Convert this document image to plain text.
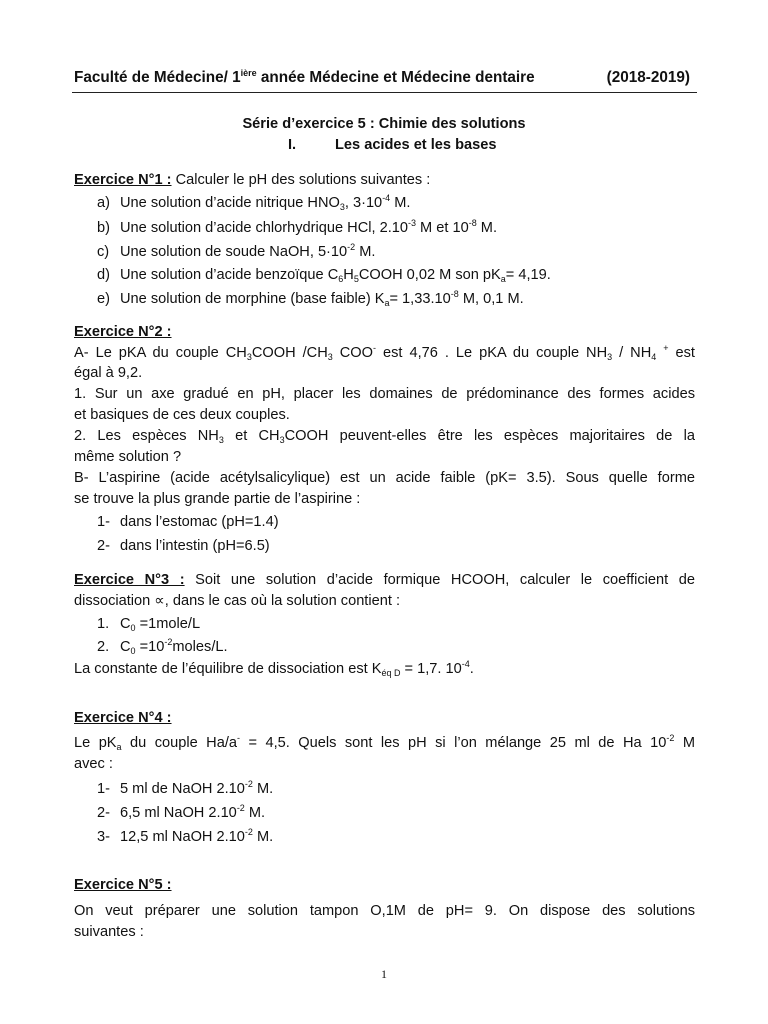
Faculté de Médecine/ $1^{ière}$ année Médecine et Médecine dentaire	(2018-2019)
Série d’exercice 5 : Chimie des solutions
I.	Les acides et les bases
Exercice N°1 : Calculer le pH des solutions suivantes :
a) Une solution d’acide nitrique $HNO_3$, $3\cdot 10^{-4}$ M.
b) Une solution d’acide chlorhydrique HCl, $2.10^{-3}$ M et $10^{-8}$ M.
c) Une solution de soude NaOH, $5\cdot 10^{-2}$ M.
d) Une solution d’acide benzoïque $C_6H_5COOH$ 0,02 M son $pK_a= 4,19$.
e) Une solution de morphine (base faible) $K_a= 1,33.10^{-8}$ M, 0,1 M.
Exercice N°2 :
A- Le pKA du couple $CH_3COOH$ $/CH_3$ COO- est 4,76 . Le pKA du couple $NH_3 / NH_4$ + est
égal à 9,2.
1. Sur un axe gradué en pH, placer les domaines de prédominance des formes acides
et basiques de ces deux couples.
2. Les espèces $NH_3$ et $CH_3COOH$ peuvent-elles être les espèces majoritaires de la
même solution ?
B- L’aspirine (acide acétylsalicylique) est un acide faible (pK= 3.5). Sous quelle forme
se trouve la plus grande partie de l’aspirine :
1- dans l’estomac (pH=1.4)
2- dans l’intestin (pH=6.5)
Exercice N°3 : Soit une solution d’acide formique HCOOH, calculer le coefficient de
dissociation ∝, dans le cas où la solution contient :
1. $C_0$ =1mole/L
2. $C_0$ $=10^{-2}moles/L$.
La constante de l’équilibre de dissociation est $K_{éq D} = 1,7$. $10^{-4}$.
Exercice N°4 :
Le $pK_a$ du couple Ha/a- = 4,5. Quels sont les pH si l’on mélange 25 ml de Ha $10^{-2}$ M
avec :
1- 5 ml de NaOH $2.10^{-2}$ M.
2- 6,5 ml NaOH $2.10^{-2}$ M.
3- 12,5 ml NaOH $2.10^{-2}$ M.
Exercice N°5 :
On veut préparer une solution tampon O,1M de pH= 9. On dispose des solutions
suivantes :
1
